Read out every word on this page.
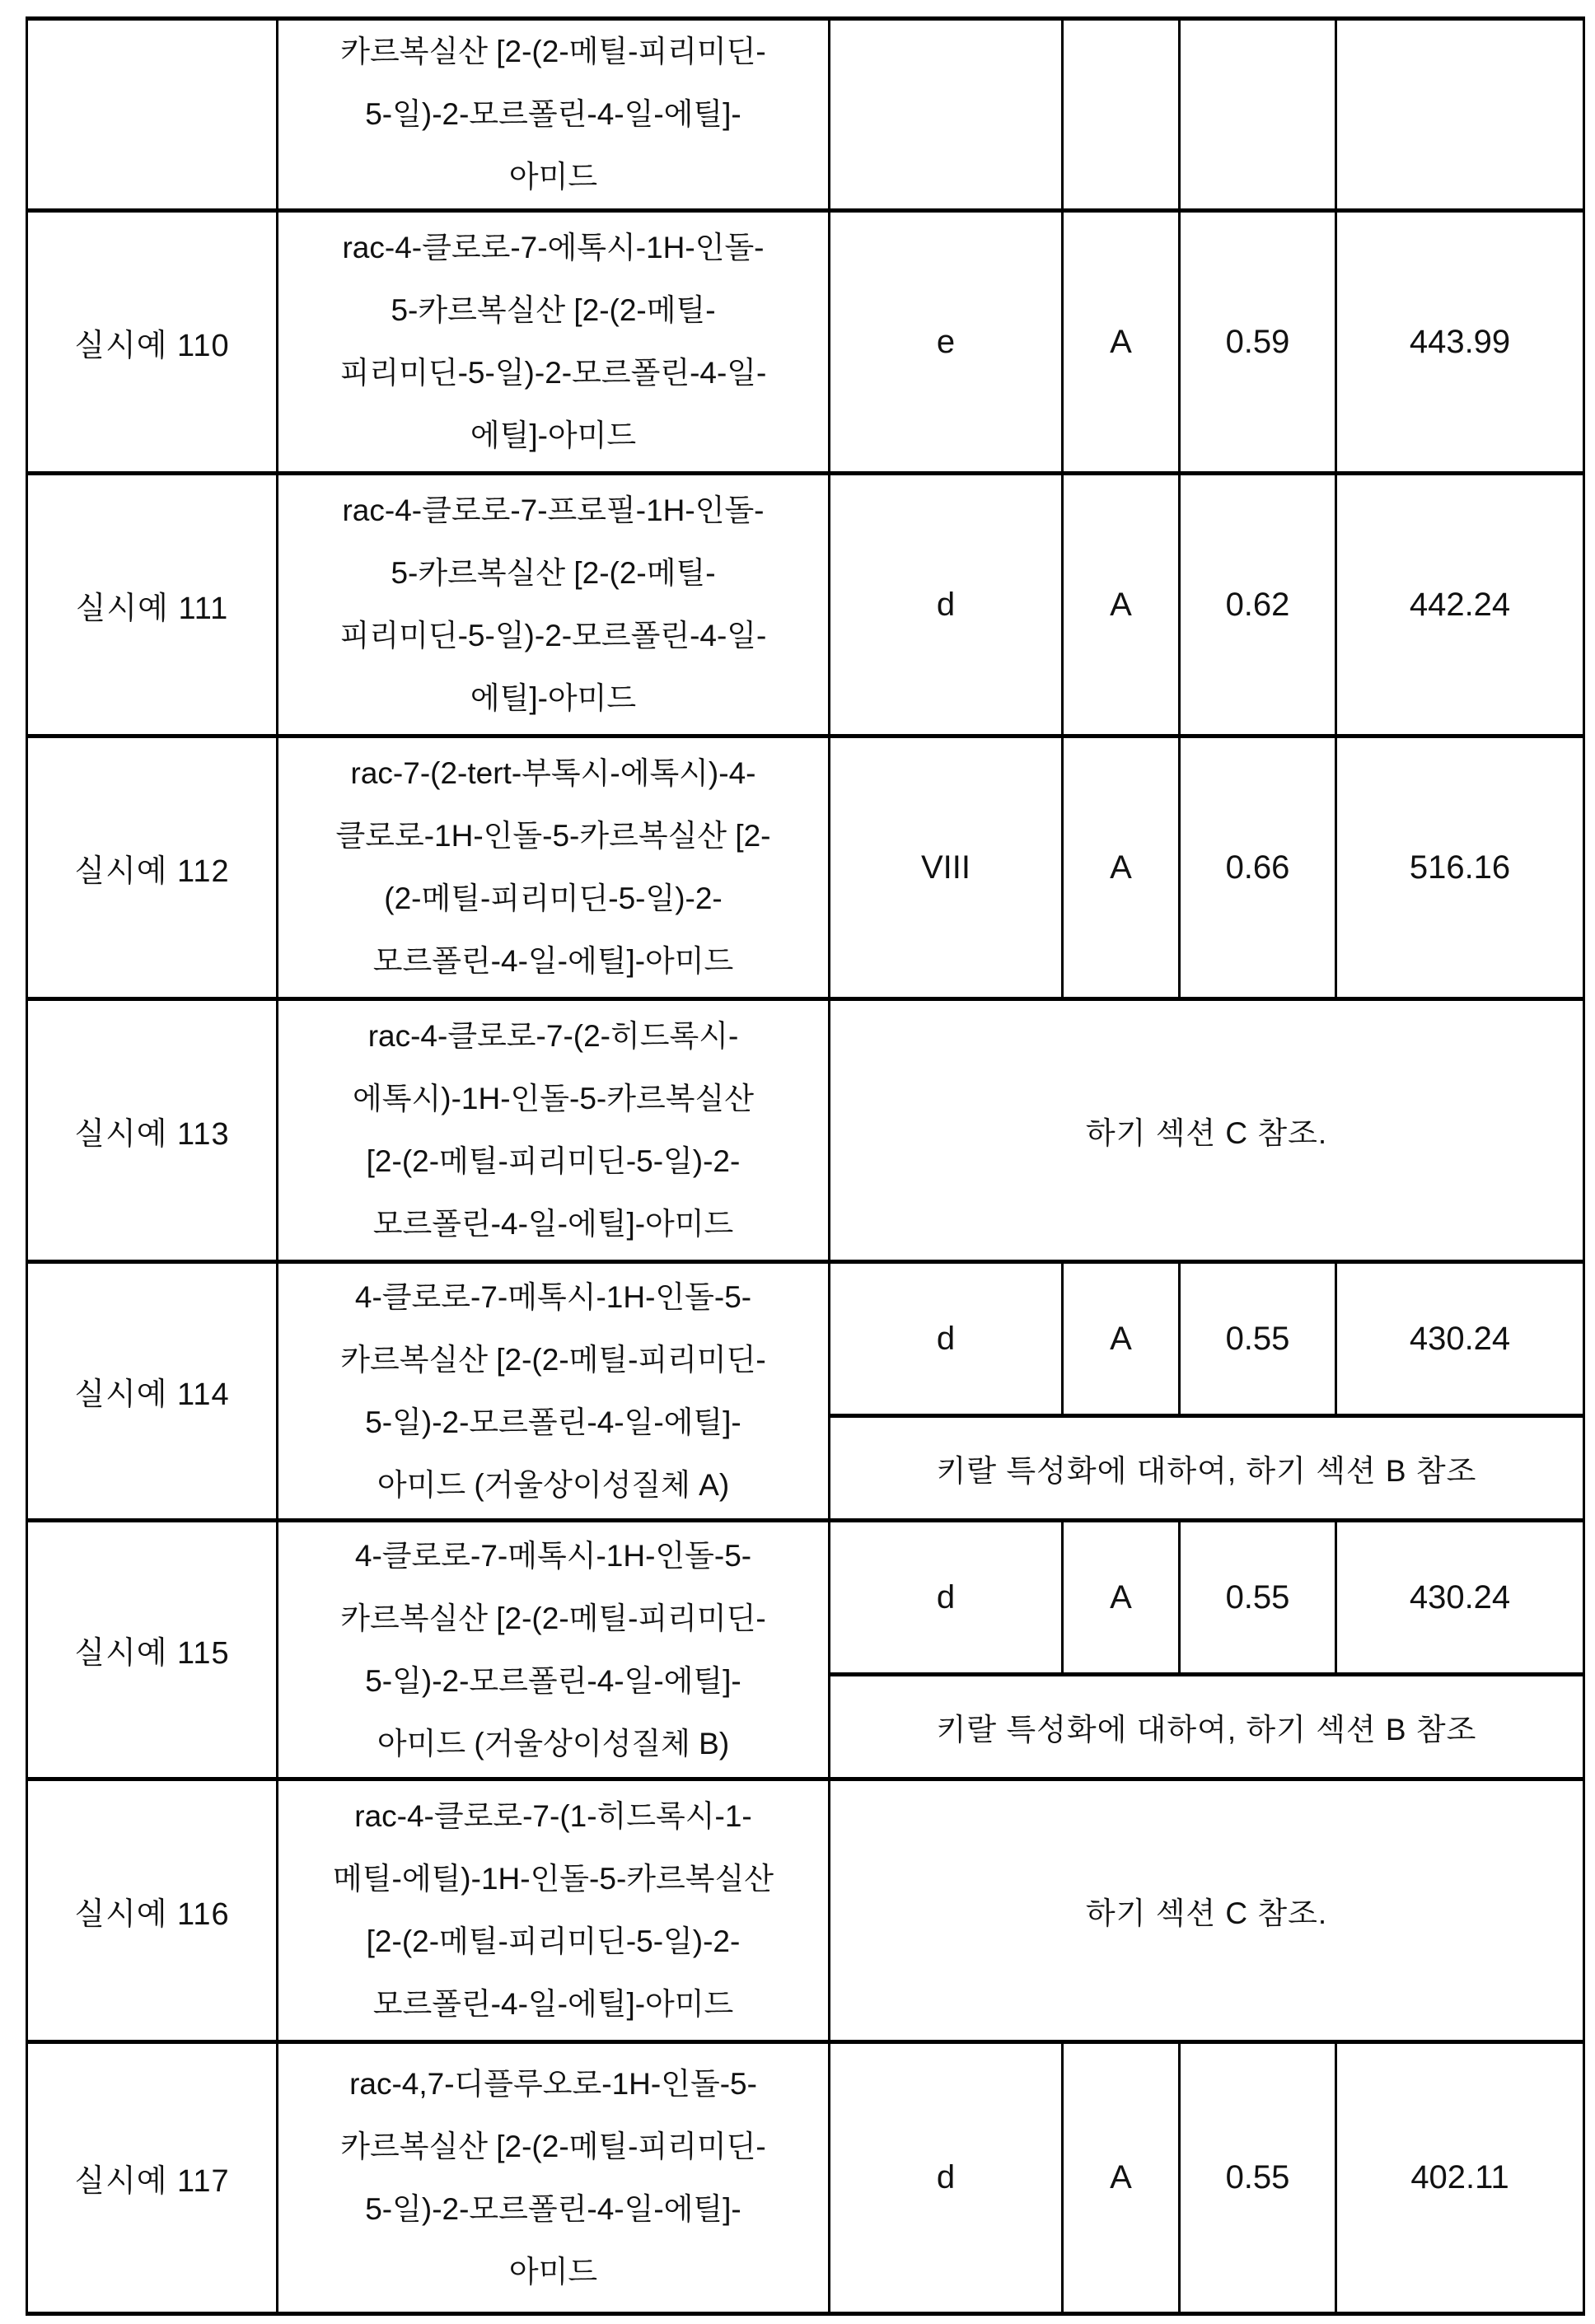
	카르복실산 [2-(2-메틸-피리미딘-
5-일)-2-모르폴린-4-일-에틸]-
아미드				
실시예 110	rac-4-클로로-7-에톡시-1H-인돌-
5-카르복실산 [2-(2-메틸-
피리미딘-5-일)-2-모르폴린-4-일-
에틸]-아미드	e	A	0.59	443.99
실시예 111	rac-4-클로로-7-프로필-1H-인돌-
5-카르복실산 [2-(2-메틸-
피리미딘-5-일)-2-모르폴린-4-일-
에틸]-아미드	d	A	0.62	442.24
실시예 112	rac-7-(2-tert-부톡시-에톡시)-4-
클로로-1H-인돌-5-카르복실산 [2-
(2-메틸-피리미딘-5-일)-2-
모르폴린-4-일-에틸]-아미드	VIII	A	0.66	516.16
실시예 113	rac-4-클로로-7-(2-히드록시-
에톡시)-1H-인돌-5-카르복실산
[2-(2-메틸-피리미딘-5-일)-2-
모르폴린-4-일-에틸]-아미드	하기 섹션 C 참조.			
실시예 114	4-클로로-7-메톡시-1H-인돌-5-
카르복실산 [2-(2-메틸-피리미딘-
5-일)-2-모르폴린-4-일-에틸]-
아미드 (거울상이성질체 A)	d	A	0.55	430.24
		키랄 특성화에 대하여, 하기 섹션 B 참조			
실시예 115	4-클로로-7-메톡시-1H-인돌-5-
카르복실산 [2-(2-메틸-피리미딘-
5-일)-2-모르폴린-4-일-에틸]-
아미드 (거울상이성질체 B)	d	A	0.55	430.24
		키랄 특성화에 대하여, 하기 섹션 B 참조			
실시예 116	rac-4-클로로-7-(1-히드록시-1-
메틸-에틸)-1H-인돌-5-카르복실산
[2-(2-메틸-피리미딘-5-일)-2-
모르폴린-4-일-에틸]-아미드	하기 섹션 C 참조.			
실시예 117	rac-4,7-디플루오로-1H-인돌-5-
카르복실산 [2-(2-메틸-피리미딘-
5-일)-2-모르폴린-4-일-에틸]-
아미드	d	A	0.55	402.11
